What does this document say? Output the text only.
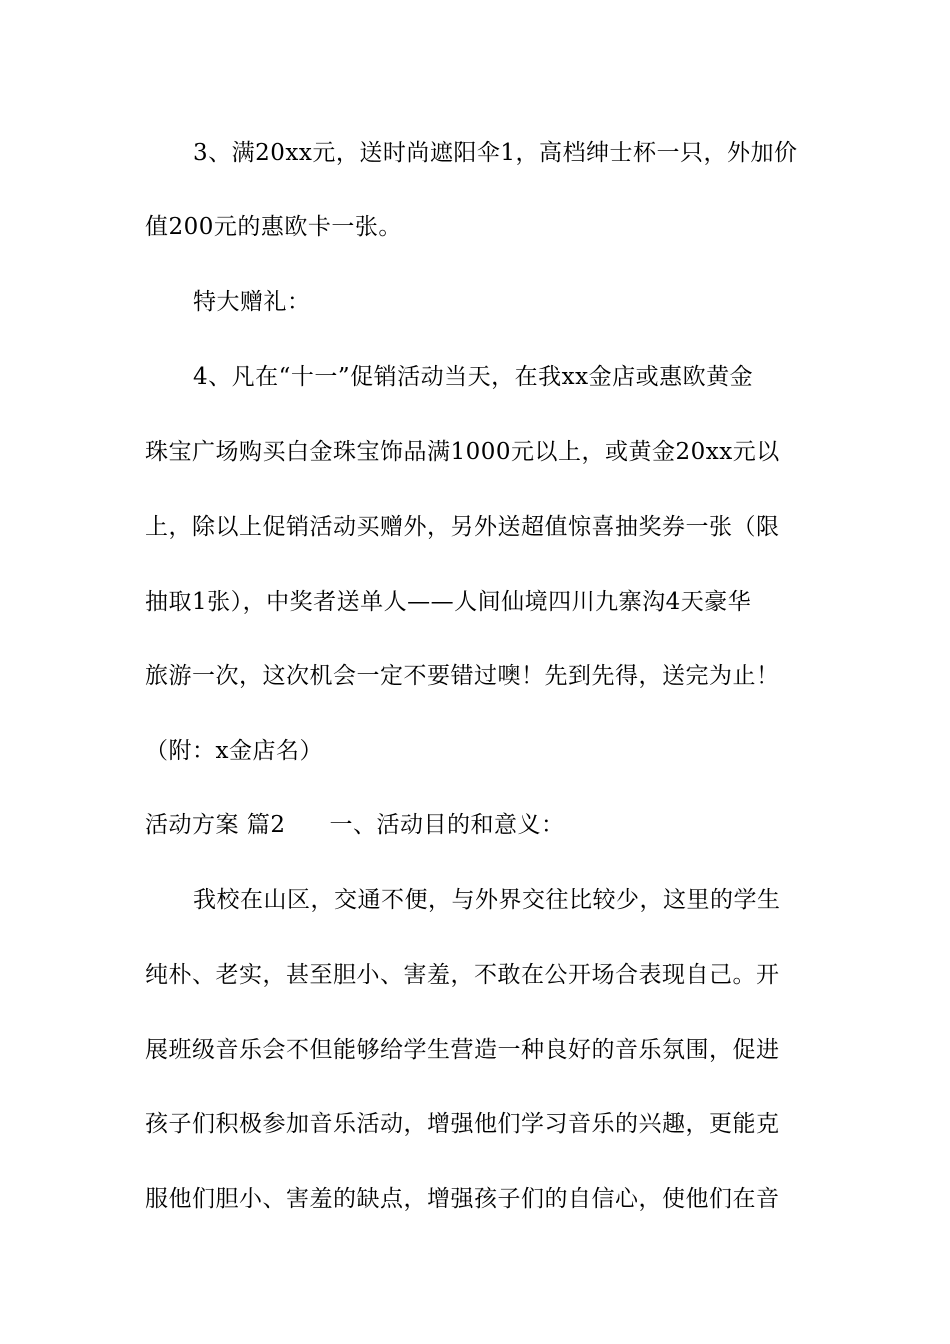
3、满20xx元，送时尚遮阳伞1，高档绅士杯一只，外加价
值200元的惠欧卡一张。
特大赠礼：
4、凡在“十一”促销活动当天，在我xx金店或惠欧黄金
珠宝广场购买白金珠宝饰品满1000元以上，或黄金20xx元以
上，除以上促销活动买赠外，另外送超值惊喜抽奖券一张（限
抽取1张），中奖者送单人——人间仙境四川九寨沟4天豪华
旅游一次，这次机会一定不要错过噢！先到先得，送完为止！
（附：x金店名）
活动方案 篇2 一、活动目的和意义：
我校在山区，交通不便，与外界交往比较少，这里的学生
纯朴、老实，甚至胆小、害羞，不敢在公开场合表现自己。开
展班级音乐会不但能够给学生营造一种良好的音乐氛围，促进
孩子们积极参加音乐活动，增强他们学习音乐的兴趣，更能克
服他们胆小、害羞的缺点，增强孩子们的自信心，使他们在音
